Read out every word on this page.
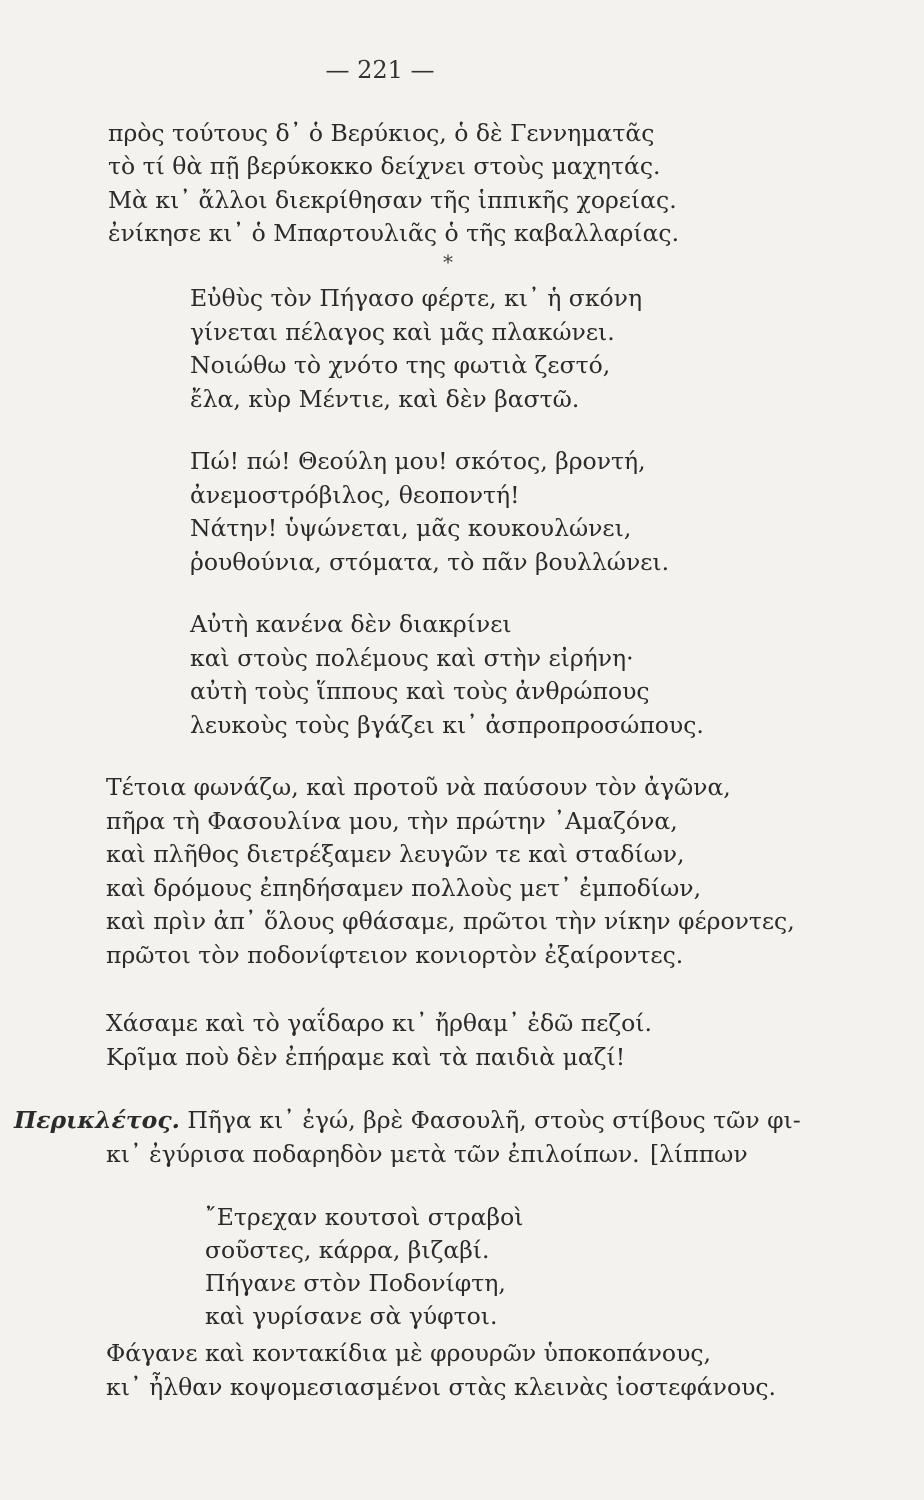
— 221 —
πρὸς τούτους δ᾽ ὁ Βερύκιος, ὁ δὲ Γεννηματᾶς
τὸ τί θὰ πῇ βερύκοκκο δείχνει στοὺς μαχητάς.
Μὰ κι᾽ ἄλλοι διεκρίθησαν τῆς ἱππικῆς χορείας.
ἐνίκησε κι᾽ ὁ Μπαρτουλιᾶς ὁ τῆς καβαλλαρίας.
*
Εὐθὺς τὸν Πήγασο φέρτε, κι᾽ ἡ σκόνη
γίνεται πέλαγος καὶ μᾶς πλακώνει.
Νοιώθω τὸ χνότο της φωτιὰ ζεστό,
ἔλα, κὺρ Μέντιε, καὶ δὲν βαστῶ.
Πώ! πώ! Θεούλη μου! σκότος, βροντή,
ἀνεμοστρόβιλος, θεοποντή!
Νάτην! ὑψώνεται, μᾶς κουκουλώνει,
ῥουθούνια, στόματα, τὸ πᾶν βουλλώνει.
Αὐτὴ κανένα δὲν διακρίνει
καὶ στοὺς πολέμους καὶ στὴν εἰρήνη·
αὐτὴ τοὺς ἵππους καὶ τοὺς ἀνθρώπους
λευκοὺς τοὺς βγάζει κι᾽ ἀσπροπροσώπους.
Τέτοια φωνάζω, καὶ προτοῦ νὰ παύσουν τὸν ἀγῶνα,
πῆρα τὴ Φασουλίνα μου, τὴν πρώτην ᾽Αμαζόνα,
καὶ πλῆθος διετρέξαμεν λευγῶν τε καὶ σταδίων,
καὶ δρόμους ἐπηδήσαμεν πολλοὺς μετ᾽ ἐμποδίων,
καὶ πρὶν ἀπ᾽ ὅλους φθάσαμε, πρῶτοι τὴν νίκην φέροντες,
πρῶτοι τὸν ποδονίφτειον κονιορτὸν ἐξαίροντες.
Χάσαμε καὶ τὸ γαΐδαρο κι᾽ ἤρθαμ᾽ ἐδῶ πεζοί.
Κρῖμα ποὺ δὲν ἐπήραμε καὶ τὰ παιδιὰ μαζί!
Περικλέτος. Πῆγα κι᾽ ἐγώ, βρὲ Φασουλῆ, στοὺς στίβους τῶν φι-
κι᾽ ἐγύρισα ποδαρηδὸν μετὰ τῶν ἐπιλοίπων. [λίππων
῎Ετρεχαν κουτσοὶ στραβοὶ
σοῦστες, κάρρα, βιζαβί.
Πήγανε στὸν Ποδονίφτη,
καὶ γυρίσανε σὰ γύφτοι.
Φάγανε καὶ κοντακίδια μὲ φρουρῶν ὑποκοπάνους,
κι᾽ ἦλθαν κοψομεσιασμένοι στὰς κλεινὰς ἰοστεφάνους.
